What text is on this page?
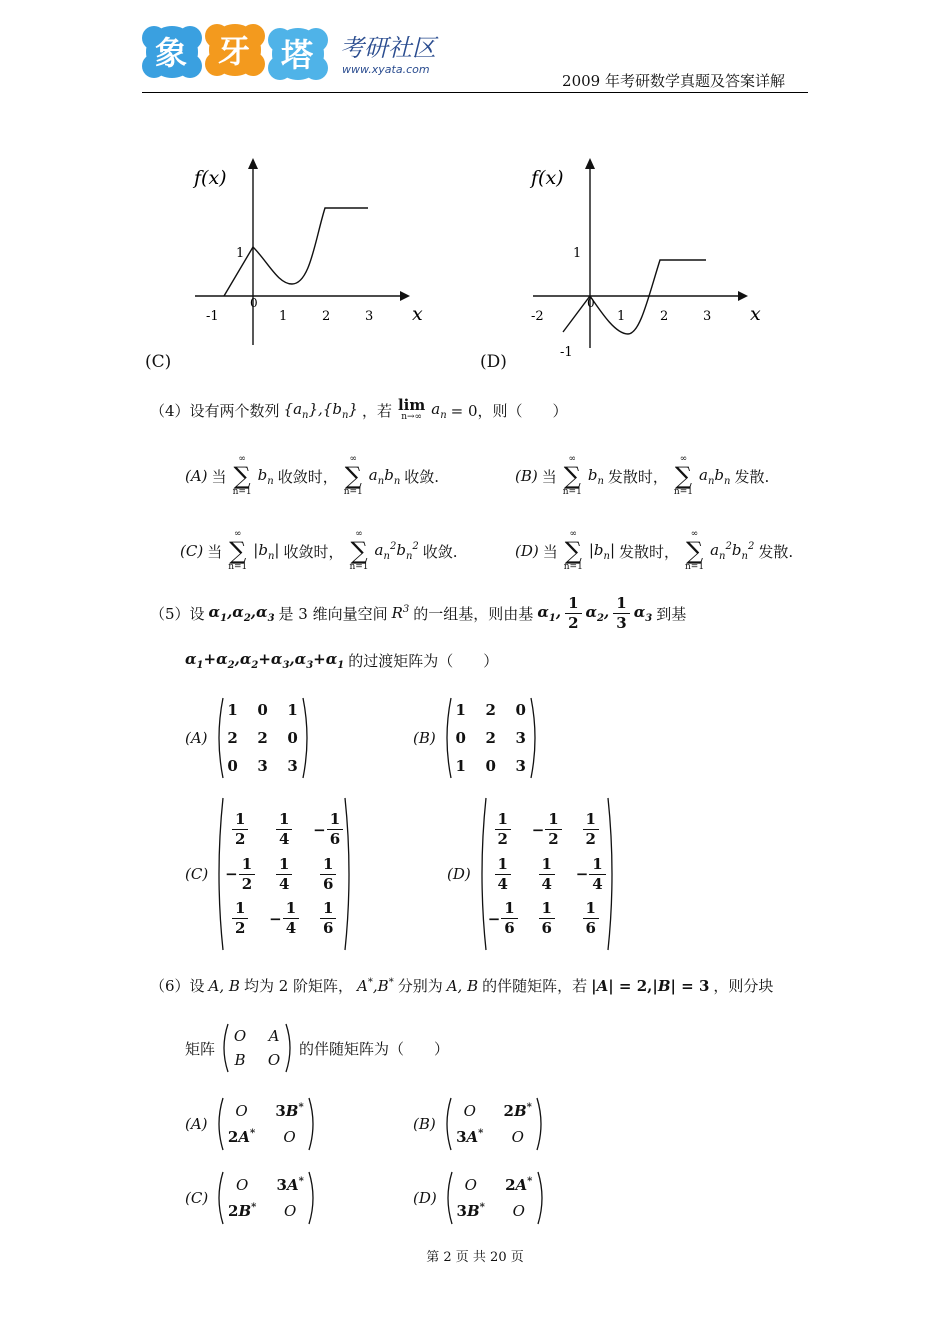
象 牙 塔 考研社区
www.xyata.com
2009 年考研数学真题及答案详解
f(x)
x
-1
0
1	2	3
1
(C)
f(x)
x
-2
0
1	2	3
1
-1
(D)
（4）设有两个数列 $\{a_n\},\{b_n\}$ ，若 lim
n→∞ $a_n = 0$，则（　　）
(A) 当
∞
∑
n=1
$b_n$ 收敛时，
∞
∑
n=1
$a_nb_n$ 收敛.	(B) 当
∞
∑
n=1
$b_n$ 发散时，
∞
∑
n=1
$a_nb_n$ 发散.
(C) 当
∞
∑
n=1
$|b_n|$ 收敛时，
∞
∑
n=1
$a_n^2b_n^2$ 收敛.	(D) 当
∞
∑
n=1
$|b_n|$ 发散时，
∞
∑
n=1
$a_n^2b_n^2$ 发散.
（5）设 $\alpha_1,\alpha_2,\alpha_3$ 是 3 维向量空间 $R^3$ 的一组基，则由基 $\alpha_1$, $\frac{1}{2} \alpha_2$, $\frac{1}{3} \alpha_3$ 到基
$\alpha_1+\alpha_2,\alpha_2+\alpha_3,\alpha_3+\alpha_1$ 的过渡矩阵为（　　）
(A)
1 0 1
2 2 0
0 3 3
(B)
1 2 0
0 2 3
1 0 3
(C)
$\frac{1}{2} \frac{1}{4} - \frac{1}{6}$
− $\frac{1}{2} \frac{1}{4} \frac{1}{6}$
$\frac{1}{2} - \frac{1}{4} \frac{1}{6}$
(D)
$\frac{1}{2} - \frac{1}{2} \frac{1}{2}$
$\frac{1}{4} \frac{1}{4} - \frac{1}{4}$
− $\frac{1}{6} \frac{1}{6} \frac{1}{6}$
（6）设 A, B 均为 2 阶矩阵， A*,B* 分别为 A, B 的伴随矩阵，若 |A| = 2,|B| = 3 ，则分块
矩阵
O	A
B	O
的伴随矩阵为（　　）
(A)
O	3B*
2A*	O
(B)
O	2B*
3A*	O
(C)
O	3A*
2B*	O
(D)
O	2A*
3B*	O
第 2 页 共 20 页
